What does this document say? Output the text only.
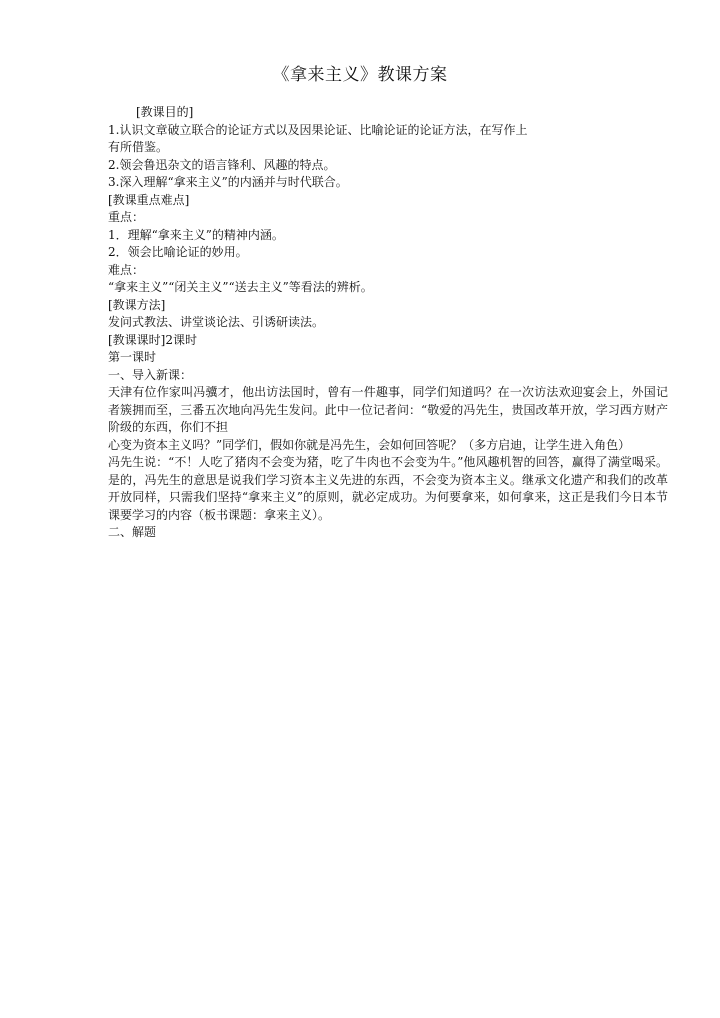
《拿来主义》教课方案

[教课目的]

1.认识文章破立联合的论证方式以及因果论证、比喻论证的论证方法，在写作上

有所借鉴。

2.领会鲁迅杂文的语言锋利、风趣的特点。

3.深入理解“拿来主义”的内涵并与时代联合。

[教课重点难点]

重点：

1．理解“拿来主义”的精神内涵。

2．领会比喻论证的妙用。

难点：

“拿来主义”“闭关主义”“送去主义”等看法的辨析。

[教课方法]

发问式教法、讲堂谈论法、引诱研读法。

[教课课时]2课时

第一课时

一、导入新课：

天津有位作家叫冯骥才，他出访法国时，曾有一件趣事，同学们知道吗？在一次访法欢迎宴会上，外国记者簇拥而至，三番五次地向冯先生发问。此中一位记者问：“敬爱的冯先生，贵国改革开放，学习西方财产阶级的东西，你们不担

心变为资本主义吗？”同学们，假如你就是冯先生，会如何回答呢？（多方启迪，让学生进入角色）

冯先生说：“不！人吃了猪肉不会变为猪，吃了牛肉也不会变为牛。”他风趣机智的回答，赢得了满堂喝采。是的，冯先生的意思是说我们学习资本主义先进的东西，不会变为资本主义。继承文化遗产和我们的改革开放同样，只需我们坚持“拿来主义”的原则，就必定成功。为何要拿来，如何拿来，这正是我们今日本节课要学习的内容（板书课题：拿来主义）。

二、解题
